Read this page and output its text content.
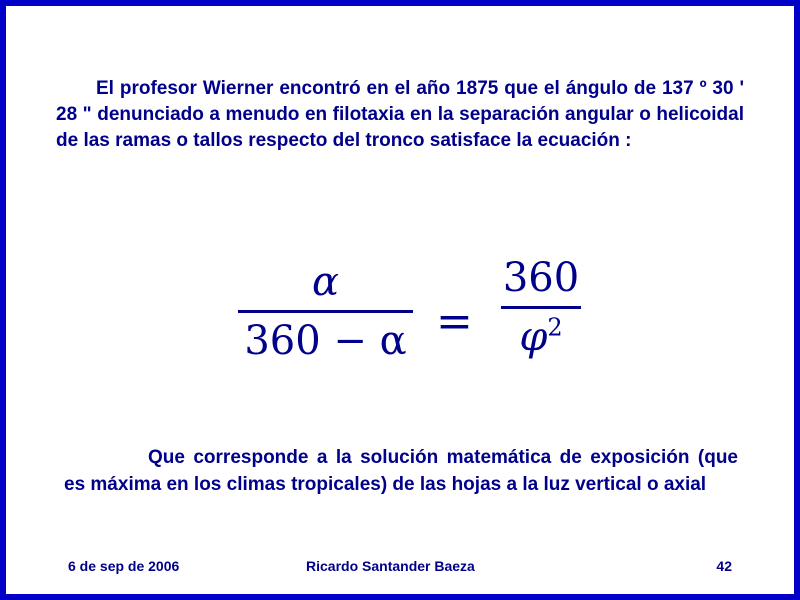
El profesor Wierner encontró en el año 1875 que el ángulo de 137 º 30 ' 28 " denunciado a menudo en filotaxia en la separación angular o helicoidal de las ramas o tallos respecto del tronco satisface la ecuación :

α
360 − α =
360
$\varphi^2$

Que corresponde a la solución matemática de exposición (que es máxima en los climas tropicales) de las hojas a la luz vertical o axial

6 de sep de 2006	Ricardo Santander Baeza	42
